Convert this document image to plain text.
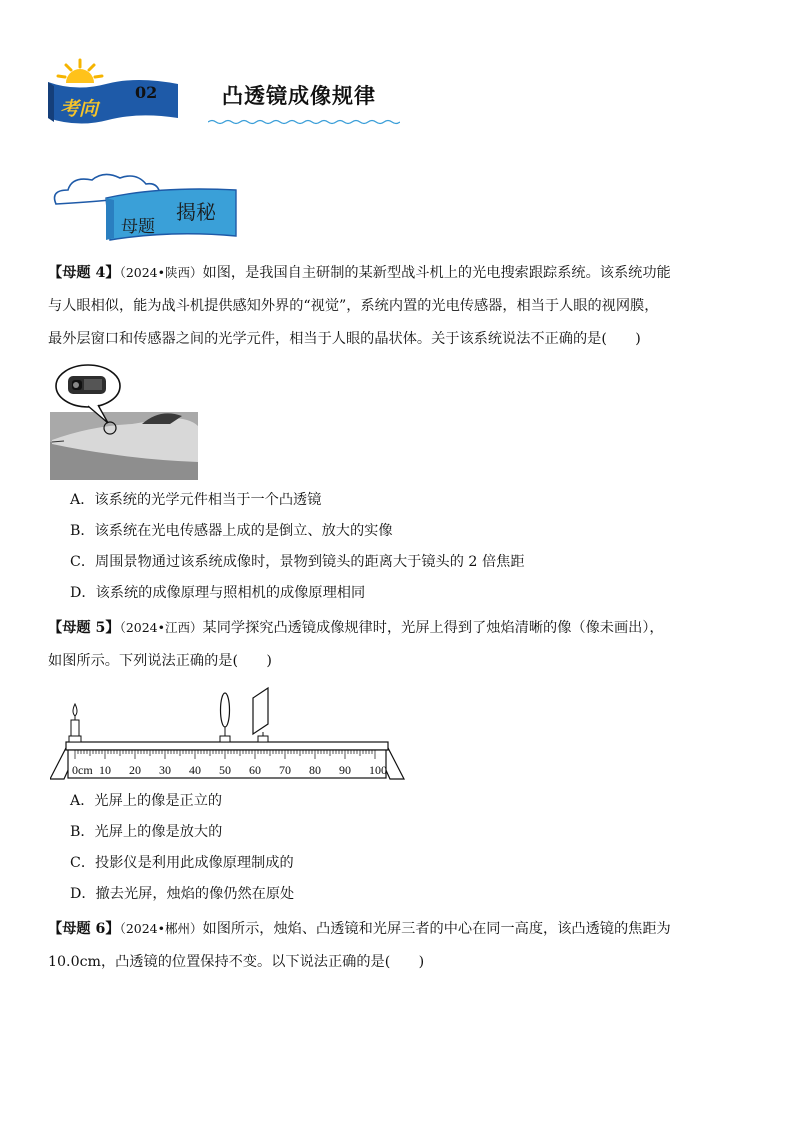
考向
02	凸透镜成像规律
母题
揭秘
【母题 4】（2024•陕西）如图，是我国自主研制的某新型战斗机上的光电搜索跟踪系统。该系统功能
与人眼相似，能为战斗机提供感知外界的“视觉”，系统内置的光电传感器，相当于人眼的视网膜，
最外层窗口和传感器之间的光学元件，相当于人眼的晶状体。关于该系统说法不正确的是(　　)
A．该系统的光学元件相当于一个凸透镜
B．该系统在光电传感器上成的是倒立、放大的实像
C．周围景物通过该系统成像时，景物到镜头的距离大于镜头的 2 倍焦距
D．该系统的成像原理与照相机的成像原理相同
【母题 5】（2024•江西）某同学探究凸透镜成像规律时，光屏上得到了烛焰清晰的像（像未画出），
如图所示。下列说法正确的是(　　)
0cm 10 20 30 40 50 60 70 80 90 100
A．光屏上的像是正立的
B．光屏上的像是放大的
C．投影仪是利用此成像原理制成的
D．撤去光屏，烛焰的像仍然在原处
【母题 6】（2024•郴州）如图所示，烛焰、凸透镜和光屏三者的中心在同一高度，该凸透镜的焦距为
10.0cm，凸透镜的位置保持不变。以下说法正确的是(　　)
